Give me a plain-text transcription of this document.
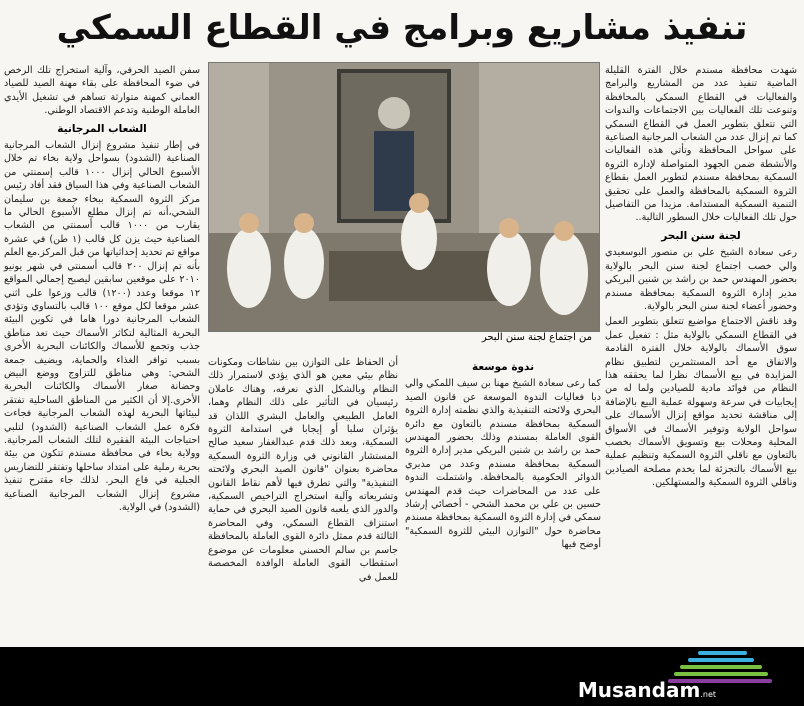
تنفيذ مشاريع وبرامج في القطاع السمكي

شهدت محافظة مسندم خلال الفترة القليلة الماضية تنفيذ عدد من المشاريع والبرامج والفعاليات في القطاع السمكي بالمحافظة وتنوعت تلك الفعاليات بين الاجتماعات والندوات التي تتعلق بتطوير العمل في القطاع السمكي كما تم إنزال عدد من الشعاب المرجانية الصناعية على سواحل المحافظة وتأتي هذه الفعاليات والأنشطة ضمن الجهود المتواصلة لإدارة الثروة السمكية بمحافظة مسندم لتطوير العمل بقطاع الثروة السمكية بالمحافظة والعمل على تحقيق التنمية السمكية المستدامة. مزيدا من التفاصيل حول تلك الفعاليات خلال السطور التالية..

لجنة سنن البحر

رعى سعادة الشيخ علي بن منصور البوسعيدي والي خصب اجتماع لجنة سنن البحر بالولاية بحضور المهندس حمد بن راشد بن شنين البريكي مدير إدارة الثروة السمكية بمحافظة مسندم وحضور أعضاء لجنة سنن البحر بالولاية.

وقد ناقش الاجتماع مواضيع تتعلق بتطوير العمل في القطاع السمكي بالولاية مثل : تفعيل عمل سوق الأسماك بالولاية خلال الفترة القادمة والاتفاق مع أحد المستثمرين لتطبيق نظام المزايدة في بيع الأسماك نظرا لما يحققه هذا النظام من فوائد مادية للصيادين ولما له من إيجابيات في سرعة وسهولة عملية البيع بالإضافة إلى مناقشة تحديد مواقع إنزال الأسماك على سواحل الولاية وتوفير الأسماك في الأسواق المحلية ومحلات بيع وتسويق الأسماك بخصب بالتعاون مع ناقلي الثروة السمكية وتنظيم عملية بيع الأسماك بالتجزئة لما يخدم مصلحة الصيادين وناقلي الثروة السمكية والمستهلكين.

من اجتماع لجنة سنن البحر
ندوة موسعة

كما رعى سعادة الشيخ مهنا بن سيف اللمكي والي دبا فعاليات الندوة الموسعة عن قانون الصيد البحري ولائحته التنفيذية والذي نظمته إدارة الثروة السمكية بمحافظة مسندم بالتعاون مع دائرة القوى العاملة بمسندم وذلك بحضور المهندس حمد بن راشد بن شنين البريكي مدير إدارة الثروة السمكية بمحافظة مسندم وعدد من مديري الدوائر الحكومية بالمحافظة. واشتملت الندوة على عدد من المحاضرات حيث قدم المهندس حسين بن علي بن محمد الشحي - أخصائي إرشاد سمكي في إدارة الثروة السمكية بمحافظة مسندم محاضرة حول "التوازن البيئي للثروة السمكية" أوضح فيها

أن الحفاظ على التوازن بين نشاطات ومكونات نظام بيئي معين هو الذي يؤدي لاستمرار ذلك النظام وبالشكل الذي نعرفه، وهناك عاملان رئيسيان في التأثير على ذلك النظام وهما، العامل الطبيعي والعامل البشري اللذان قد يؤثران سلبا أو إيجابا في استدامة الثروة السمكية، وبعد ذلك قدم عبدالغفار سعيد صالح المستشار القانوني في وزارة الثروة السمكية محاضرة بعنوان "قانون الصيد البحري ولائحته التنفيذية" والتي تطرق فيها لأهم نقاط القانون وتشريعاته وآلية استخراج التراخيص السمكية، والدور الذي يلعبه قانون الصيد البحري في حماية استنزاف القطاع السمكي، وفي المحاضرة الثالثة قدم ممثل دائرة القوى العاملة بالمحافظة جاسم بن سالم الحسني معلومات عن موضوع استقطاب القوى العاملة الوافدة المخصصة للعمل في

سفن الصيد الحرفي، وآلية استخراج تلك الرخص في ضوء المحافظة على بقاء مهنة الصيد للصياد العماني كمهنة متوارثة تساهم في تشغيل الأيدي العاملة الوطنية وتدعم الاقتصاد الوطني.

الشعاب المرجانية

في إطار تنفيذ مشروع إنزال الشعاب المرجانية الصناعية (الشدود) بسواحل ولاية بخاء تم خلال الأسبوع الحالي إنزال ١٠٠٠ قالب إسمنتي من الشعاب الصناعية وفي هذا السياق فقد أفاد رئيس مركز الثروة السمكية ببخاء جمعة بن سليمان الشحي،أنه تم إنزال مطلع الأسبوع الحالي ما يقارب من ١٠٠٠ قالب أسمنتي من الشعاب الصناعية حيث يزن كل قالب (١ طن) في عشرة مواقع تم تحديد إحداثياتها من قبل المركز.مع العلم بأنه تم إنزال ٢٠٠ قالب أسمنتي في شهر يونيو ٢٠١٠ على موقعين سابقين ليصبح إجمالي المواقع ١٢ موقعا وعدد (١٢٠٠) قالب وزعوا على اثني عشر موقعا لكل موقع ١٠٠ قالب بالتساوي وتؤدي الشعاب المرجانية دورا هاما في تكوين البيئة البحرية المثالية لتكاثر الأسماك حيث تعد مناطق جذب وتجمع للأسماك والكائنات البحرية الأخرى بسبب توافر الغذاء والحماية، ويضيف جمعة الشحي: وهي مناطق للتزاوج ووضع البيض وحضانة صغار الأسماك والكائنات البحرية الأخرى.إلا أن الكثير من المناطق الساحلية تفتقر لبيئاتها البحرية لهذه الشعاب المرجانية فجاءت فكرة عمل الشعاب الصناعية (الشدود) لتلبي احتياجات البيئة الفقيرة لتلك الشعاب المرجانية. وولاية بخاء في محافظة مسندم تتكون من بيئة بحرية رملية على امتداد ساحلها وتفتقر للتضاريس الجبلية في قاع البحر. لذلك جاء مقترح تنفيذ مشروع إنزال الشعاب المرجانية الصناعية (الشدود) في الولاية.

Musandam.net
